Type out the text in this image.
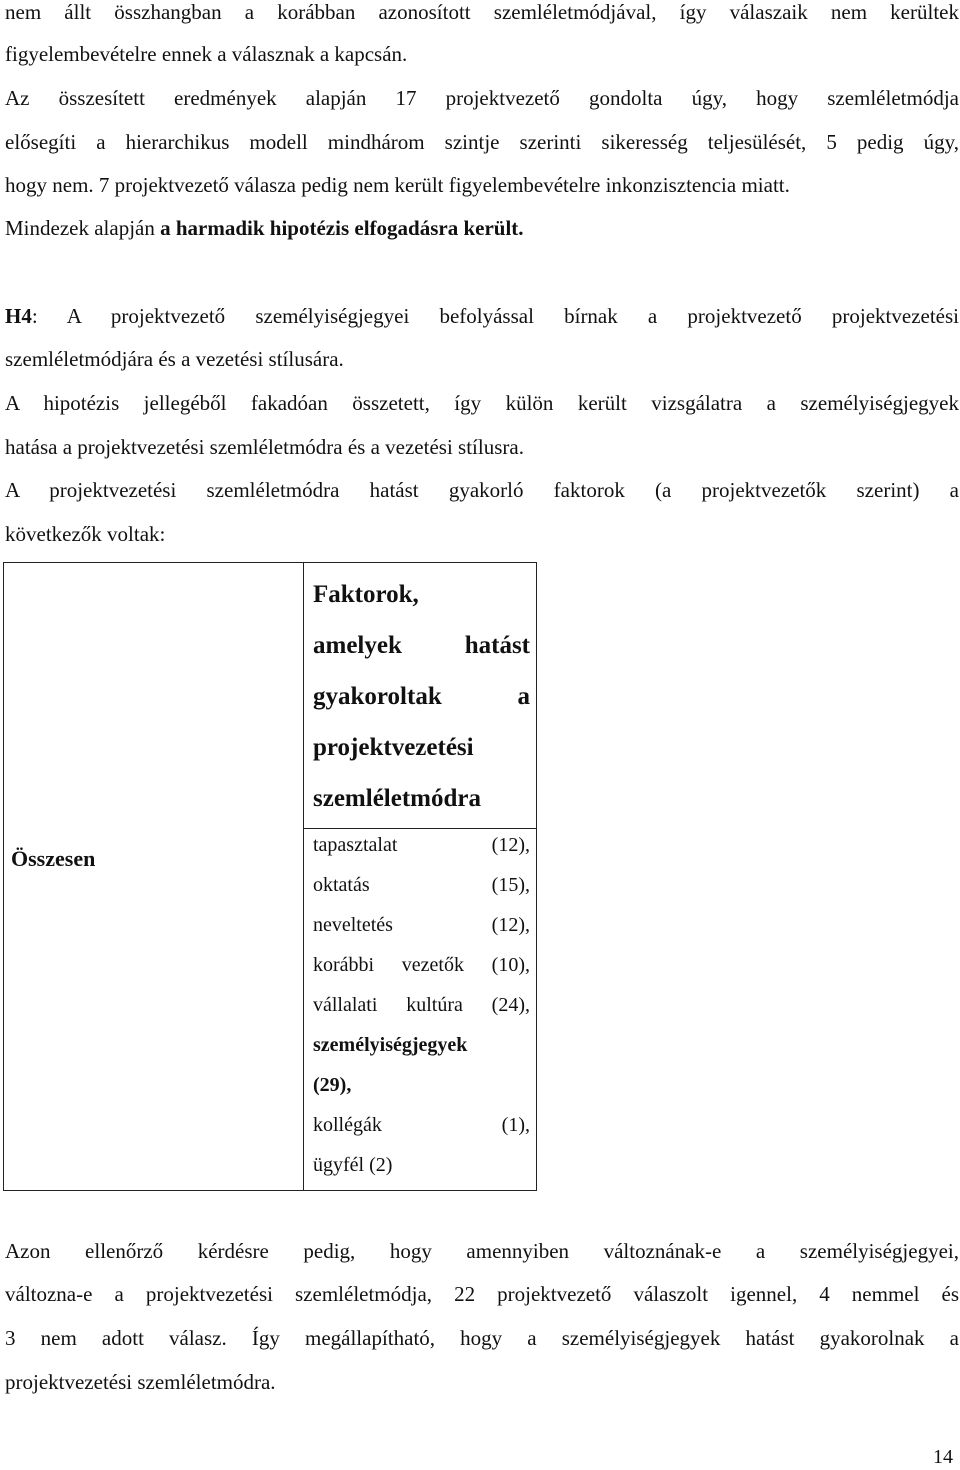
nem állt összhangban a korábban azonosított szemléletmódjával, így válaszaik nem kerültek
figyelembevételre ennek a válasznak a kapcsán.
Az összesített eredmények alapján 17 projektvezető gondolta úgy, hogy szemléletmódja
elősegíti a hierarchikus modell mindhárom szintje szerinti sikeresség teljesülését, 5 pedig úgy,
hogy nem. 7 projektvezető válasza pedig nem került figyelembevételre inkonzisztencia miatt.
Mindezek alapján a harmadik hipotézis elfogadásra került.
H4: A projektvezető személyiségjegyei befolyással bírnak a projektvezető projektvezetési
szemléletmódjára és a vezetési stílusára.
A hipotézis jellegéből fakadóan összetett, így külön került vizsgálatra a személyiségjegyek
hatása a projektvezetési szemléletmódra és a vezetési stílusra.
A projektvezetési szemléletmódra hatást gyakorló faktorok (a projektvezetők szerint) a
következők voltak:
Összesen
Faktorok,
amelyek hatást
gyakoroltak a
projektvezetési
szemléletmódra
tapasztalat (12),
oktatás (15),
neveltetés (12),
korábbi vezetők (10),
vállalati kultúra (24),
személyiségjegyek
(29),
kollégák (1),
ügyfél (2)
Azon ellenőrző kérdésre pedig, hogy amennyiben változnának-e a személyiségjegyei,
változna-e a projektvezetési szemléletmódja, 22 projektvezető válaszolt igennel, 4 nemmel és
3 nem adott válasz. Így megállapítható, hogy a személyiségjegyek hatást gyakorolnak a
projektvezetési szemléletmódra.
14
